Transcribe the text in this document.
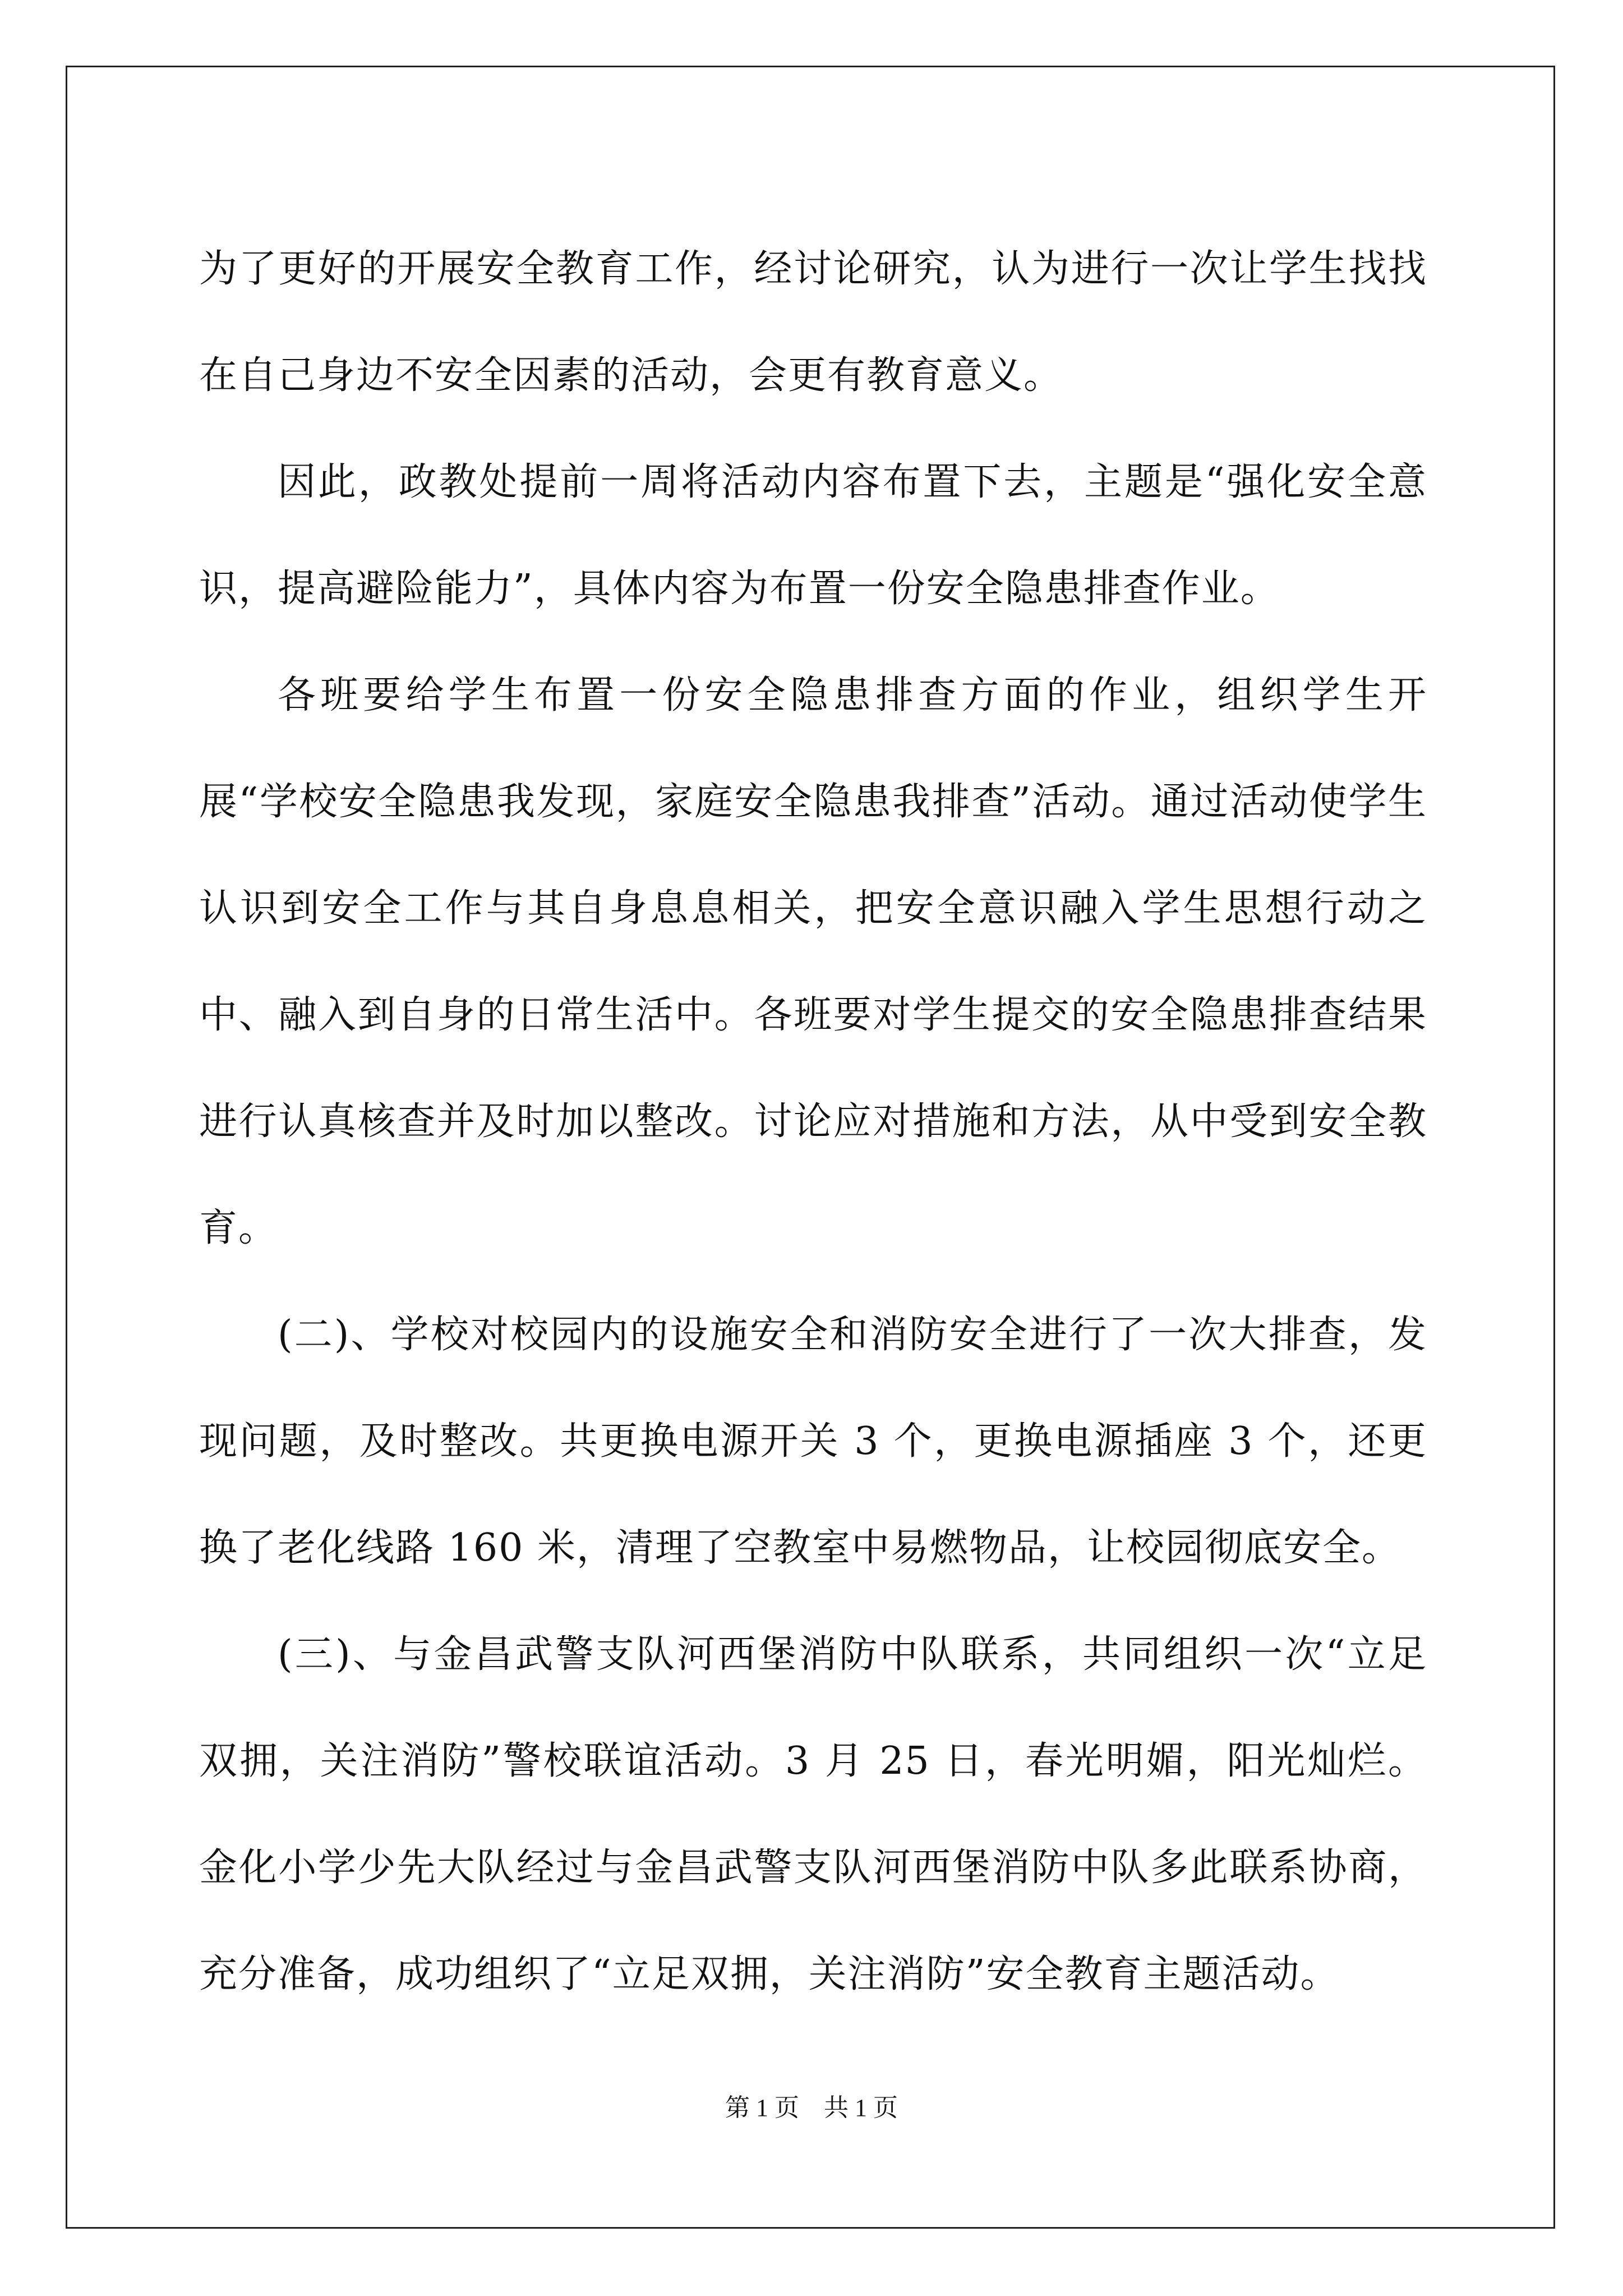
为了更好的开展安全教育工作，经讨论研究，认为进行一次让学生找找在自己身边不安全因素的活动，会更有教育意义。

因此，政教处提前一周将活动内容布置下去，主题是“强化安全意识，提高避险能力”，具体内容为布置一份安全隐患排查作业。

各班要给学生布置一份安全隐患排查方面的作业，组织学生开展“学校安全隐患我发现，家庭安全隐患我排查”活动。通过活动使学生认识到安全工作与其自身息息相关，把安全意识融入学生思想行动之中、融入到自身的日常生活中。各班要对学生提交的安全隐患排查结果进行认真核查并及时加以整改。讨论应对措施和方法，从中受到安全教育。

(二)、学校对校园内的设施安全和消防安全进行了一次大排查，发现问题，及时整改。共更换电源开关 3 个，更换电源插座 3 个，还更换了老化线路 160 米，清理了空教室中易燃物品，让校园彻底安全。

(三)、与金昌武警支队河西堡消防中队联系，共同组织一次“立足双拥，关注消防”警校联谊活动。3 月 25 日，春光明媚，阳光灿烂。金化小学少先大队经过与金昌武警支队河西堡消防中队多此联系协商，充分准备，成功组织了“立足双拥，关注消防”安全教育主题活动。

第 1 页　共 1 页
